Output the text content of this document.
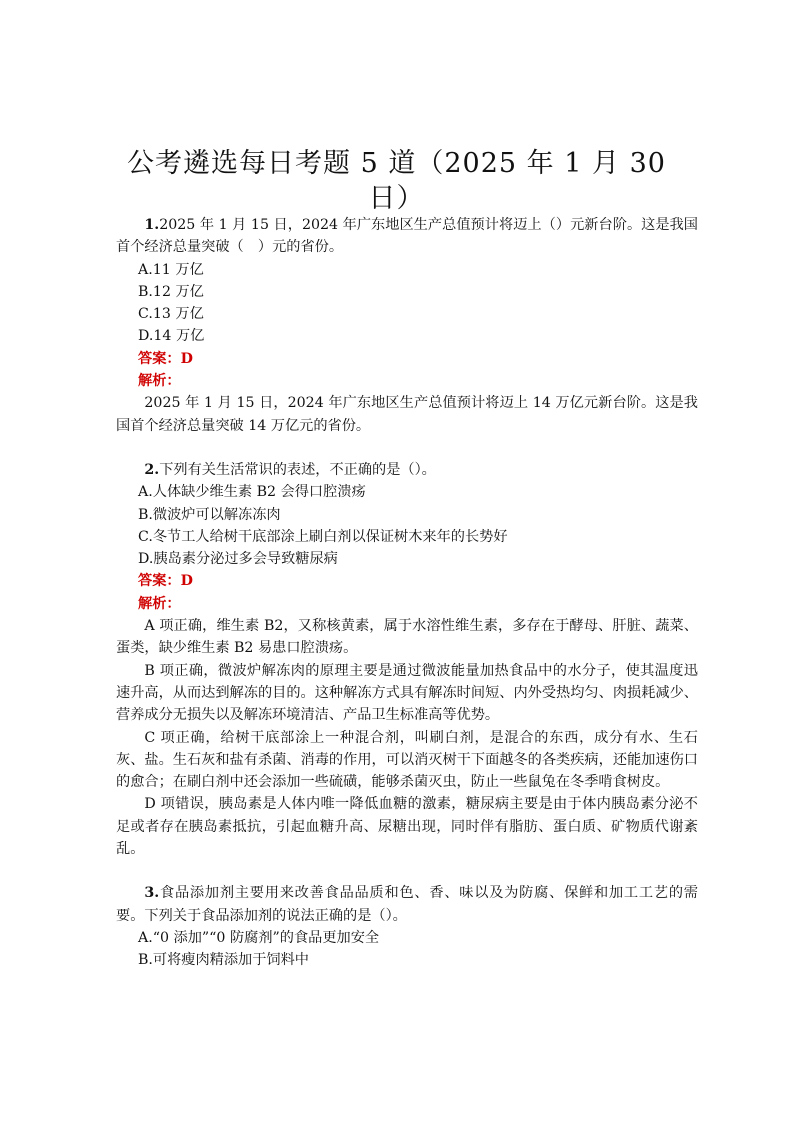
公考遴选每日考题 5 道（2025 年 1 月 30 日）

1.2025 年 1 月 15 日，2024 年广东地区生产总值预计将迈上（）元新台阶。这是我国首个经济总量突破（　）元的省份。

A.11 万亿

B.12 万亿

C.13 万亿

D.14 万亿

答案：D

解析：

2025 年 1 月 15 日，2024 年广东地区生产总值预计将迈上 14 万亿元新台阶。这是我国首个经济总量突破 14 万亿元的省份。

2.下列有关生活常识的表述，不正确的是（）。

A.人体缺少维生素 B2 会得口腔溃疡

B.微波炉可以解冻冻肉

C.冬节工人给树干底部涂上刷白剂以保证树木来年的长势好

D.胰岛素分泌过多会导致糖尿病

答案：D

解析：

A 项正确，维生素 B2，又称核黄素，属于水溶性维生素，多存在于酵母、肝脏、蔬菜、蛋类，缺少维生素 B2 易患口腔溃疡。

B 项正确，微波炉解冻肉的原理主要是通过微波能量加热食品中的水分子，使其温度迅速升高，从而达到解冻的目的。这种解冻方式具有解冻时间短、内外受热均匀、肉损耗减少、营养成分无损失以及解冻环境清洁、产品卫生标准高等优势。

C 项正确，给树干底部涂上一种混合剂，叫刷白剂，是混合的东西，成分有水、生石灰、盐。生石灰和盐有杀菌、消毒的作用，可以消灭树干下面越冬的各类疾病，还能加速伤口的愈合；在刷白剂中还会添加一些硫磺，能够杀菌灭虫，防止一些鼠兔在冬季啃食树皮。

D 项错误，胰岛素是人体内唯一降低血糖的激素，糖尿病主要是由于体内胰岛素分泌不足或者存在胰岛素抵抗，引起血糖升高、尿糖出现，同时伴有脂肪、蛋白质、矿物质代谢紊乱。

3.食品添加剂主要用来改善食品品质和色、香、味以及为防腐、保鲜和加工工艺的需要。下列关于食品添加剂的说法正确的是（）。

A.“0 添加”“0 防腐剂”的食品更加安全

B.可将瘦肉精添加于饲料中
